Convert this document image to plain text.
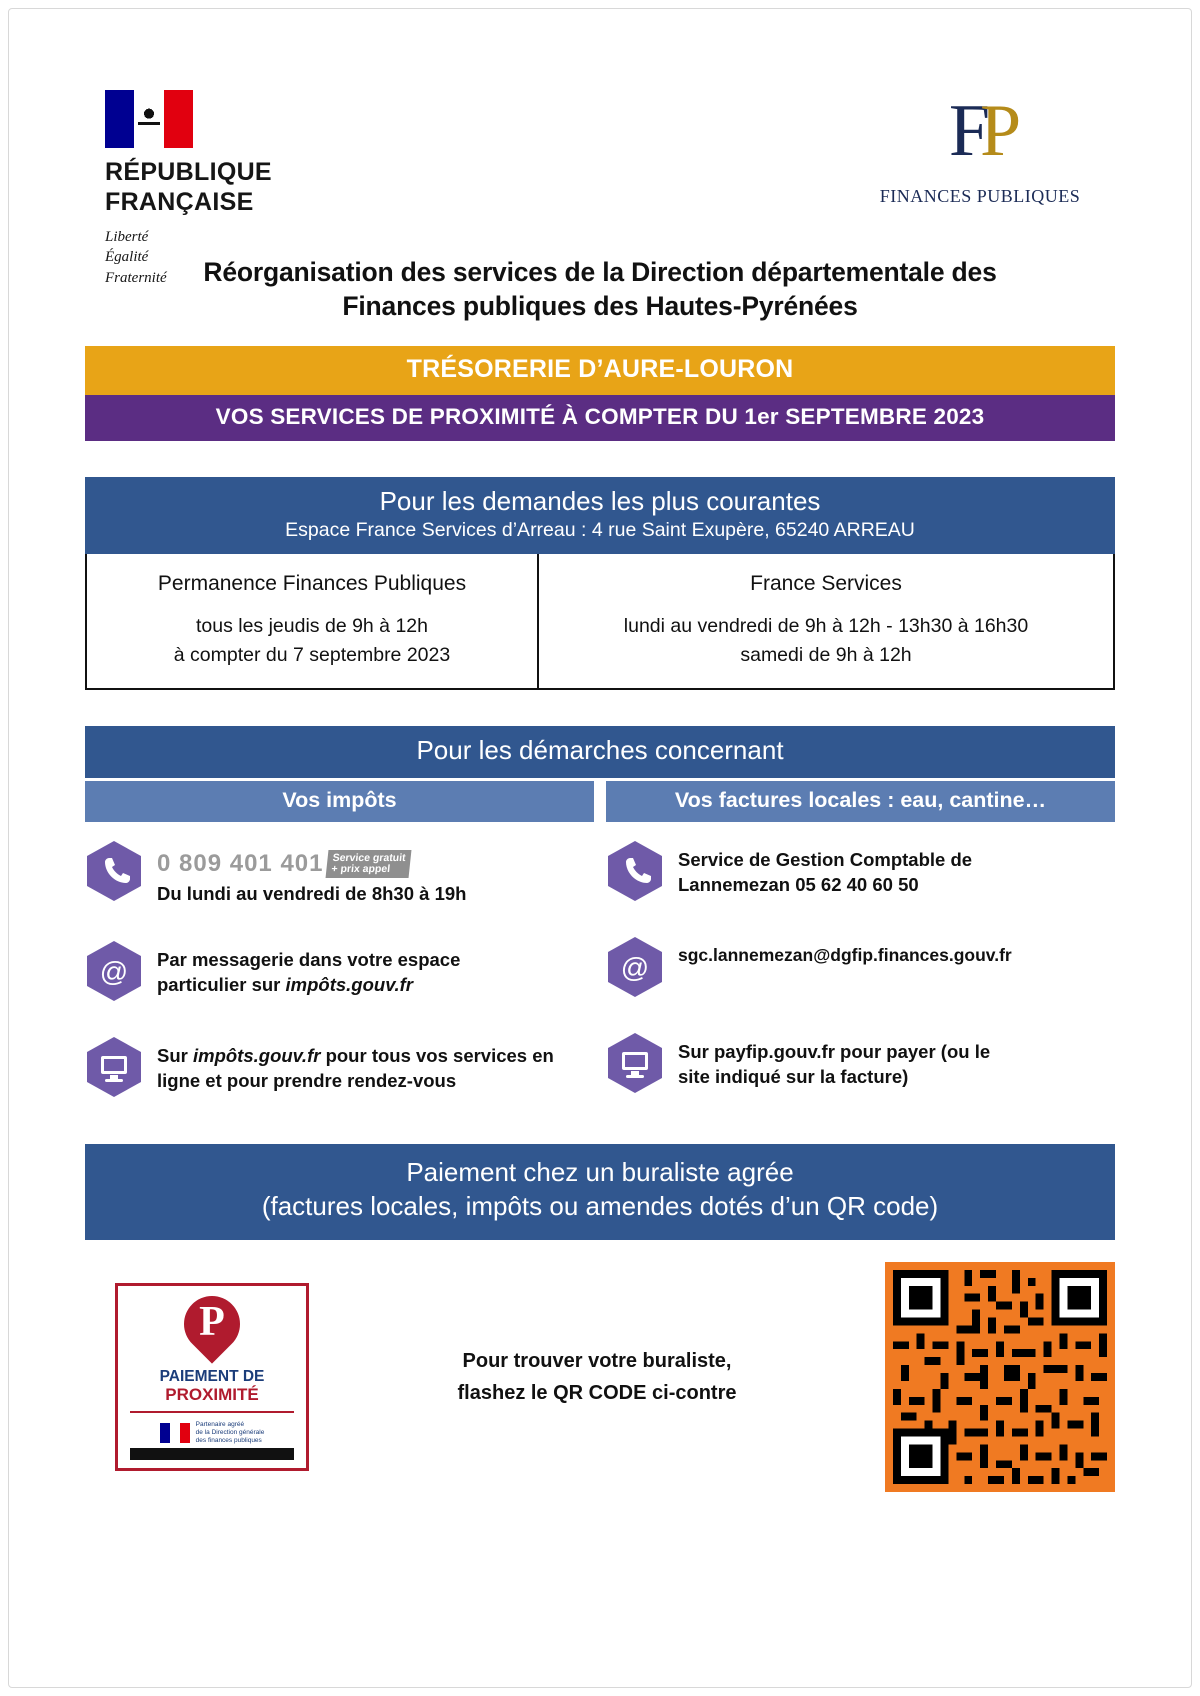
RÉPUBLIQUE
FRANÇAISE
Liberté
Égalité
Fraternité
FP
FINANCES PUBLIQUES
Réorganisation des services de la Direction départementale des
Finances publiques des Hautes-Pyrénées
TRÉSORERIE D’AURE-LOURON
VOS SERVICES DE PROXIMITÉ À COMPTER DU 1er SEPTEMBRE 2023
Pour les demandes les plus courantes
Espace France Services d’Arreau : 4 rue Saint Exupère, 65240 ARREAU
Permanence Finances Publiques
tous les jeudis de 9h à 12h
à compter du 7 septembre 2023
France Services
lundi au vendredi de 9h à 12h - 13h30 à 16h30
samedi de 9h à 12h
Pour les démarches concernant
Vos impôts	Vos factures locales : eau, cantine…
0 809 401 401 Service gratuit
+ prix appel
Du lundi au vendredi de 8h30 à 19h
@ Par messagerie dans votre espace
particulier sur impôts.gouv.fr
Sur impôts.gouv.fr pour tous vos services en ligne et pour prendre rendez-vous
Service de Gestion Comptable de
Lannemezan 05 62 40 60 50
@ sgc.lannemezan@dgfip.finances.gouv.fr
Sur payfip.gouv.fr pour payer (ou le
site indiqué sur la facture)
Paiement chez un buraliste agrée
(factures locales, impôts ou amendes dotés d’un QR code)
P
PAIEMENT DE
PROXIMITÉ
Partenaire agréé
de la Direction générale
des finances publiques
Pour trouver votre buraliste,
flashez le QR CODE ci-contre
